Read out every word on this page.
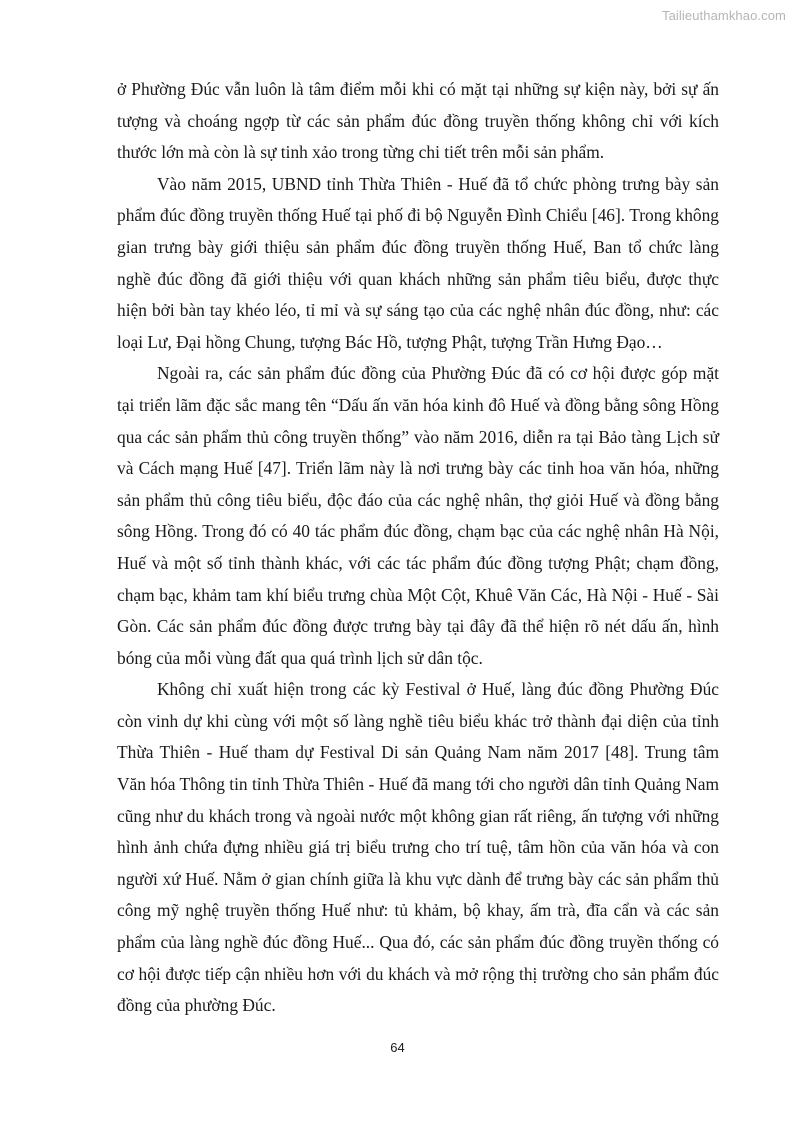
Tailieuthamkhao.com

ở Phường Đúc vẫn luôn là tâm điểm mỗi khi có mặt tại những sự kiện này, bởi sự ấn tượng và choáng ngợp từ các sản phẩm đúc đồng truyền thống không chỉ với kích thước lớn mà còn là sự tinh xảo trong từng chi tiết trên mỗi sản phẩm.

Vào năm 2015, UBND tỉnh Thừa Thiên - Huế đã tổ chức phòng trưng bày sản phẩm đúc đồng truyền thống Huế tại phố đi bộ Nguyễn Đình Chiểu [46]. Trong không gian trưng bày giới thiệu sản phẩm đúc đồng truyền thống Huế, Ban tổ chức làng nghề đúc đồng đã giới thiệu với quan khách những sản phẩm tiêu biểu, được thực hiện bởi bàn tay khéo léo, tỉ mỉ và sự sáng tạo của các nghệ nhân đúc đồng, như: các loại Lư, Đại hồng Chung, tượng Bác Hồ, tượng Phật, tượng Trần Hưng Đạo…

Ngoài ra, các sản phẩm đúc đồng của Phường Đúc đã có cơ hội được góp mặt tại triển lãm đặc sắc mang tên “Dấu ấn văn hóa kinh đô Huế và đồng bằng sông Hồng qua các sản phẩm thủ công truyền thống” vào năm 2016, diễn ra tại Bảo tàng Lịch sử và Cách mạng Huế [47]. Triển lãm này là nơi trưng bày các tinh hoa văn hóa, những sản phẩm thủ công tiêu biểu, độc đáo của các nghệ nhân, thợ giỏi Huế và đồng bằng sông Hồng. Trong đó có 40 tác phẩm đúc đồng, chạm bạc của các nghệ nhân Hà Nội, Huế và một số tỉnh thành khác, với các tác phẩm đúc đồng tượng Phật; chạm đồng, chạm bạc, khảm tam khí biểu trưng chùa Một Cột, Khuê Văn Các, Hà Nội - Huế - Sài Gòn. Các sản phẩm đúc đồng được trưng bày tại đây đã thể hiện rõ nét dấu ấn, hình bóng của mỗi vùng đất qua quá trình lịch sử dân tộc.

Không chỉ xuất hiện trong các kỳ Festival ở Huế, làng đúc đồng Phường Đúc còn vinh dự khi cùng với một số làng nghề tiêu biểu khác trở thành đại diện của tỉnh Thừa Thiên - Huế tham dự Festival Di sản Quảng Nam năm 2017 [48]. Trung tâm Văn hóa Thông tin tỉnh Thừa Thiên - Huế đã mang tới cho người dân tỉnh Quảng Nam cũng như du khách trong và ngoài nước một không gian rất riêng, ấn tượng với những hình ảnh chứa đựng nhiều giá trị biểu trưng cho trí tuệ, tâm hồn của văn hóa và con người xứ Huế. Nằm ở gian chính giữa là khu vực dành để trưng bày các sản phẩm thủ công mỹ nghệ truyền thống Huế như: tủ khảm, bộ khay, ấm trà, đĩa cẩn và các sản phẩm của làng nghề đúc đồng Huế... Qua đó, các sản phẩm đúc đồng truyền thống có cơ hội được tiếp cận nhiều hơn với du khách và mở rộng thị trường cho sản phẩm đúc đồng của phường Đúc.

64
